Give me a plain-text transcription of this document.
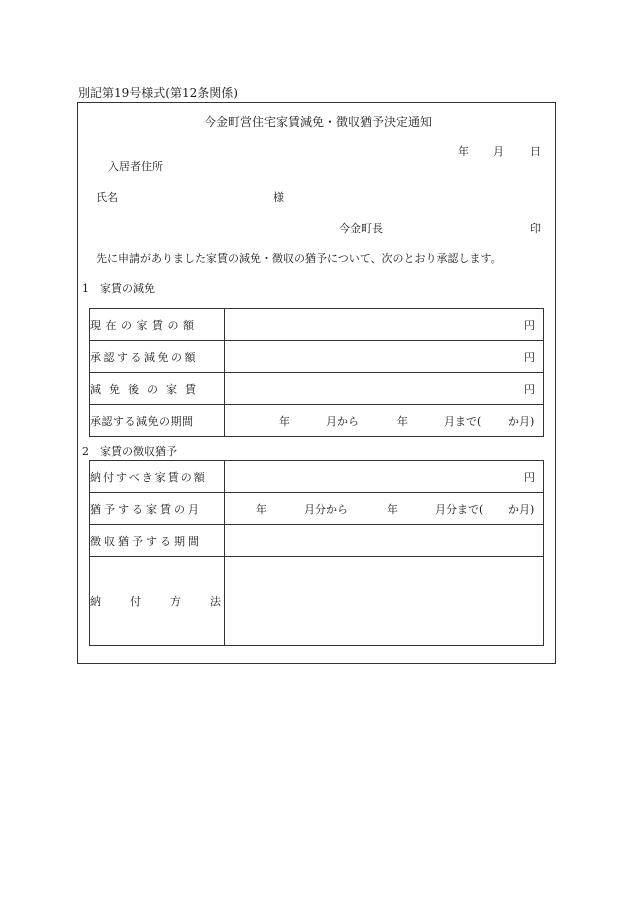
別記第19号様式(第12条関係)
今金町営住宅家賃減免・徴収猶予決定通知
年 月 日
入居者住所
氏名	様
今金町長	印
先に申請がありました家賃の減免・徴収の猶予について、次のとおり承認します。
1　家賃の減免
現在の家賃の額	円

承認する減免の額	円

減免後の家賃	円

承認する減免の期間	年 月から 年 月まで( か月)
2　家賃の徴収猶予
納付すべき家賃の額	円

猶予する家賃の月	年 月分から 年 月分まで( か月)

徴収猶予する期間	
納付方法	
